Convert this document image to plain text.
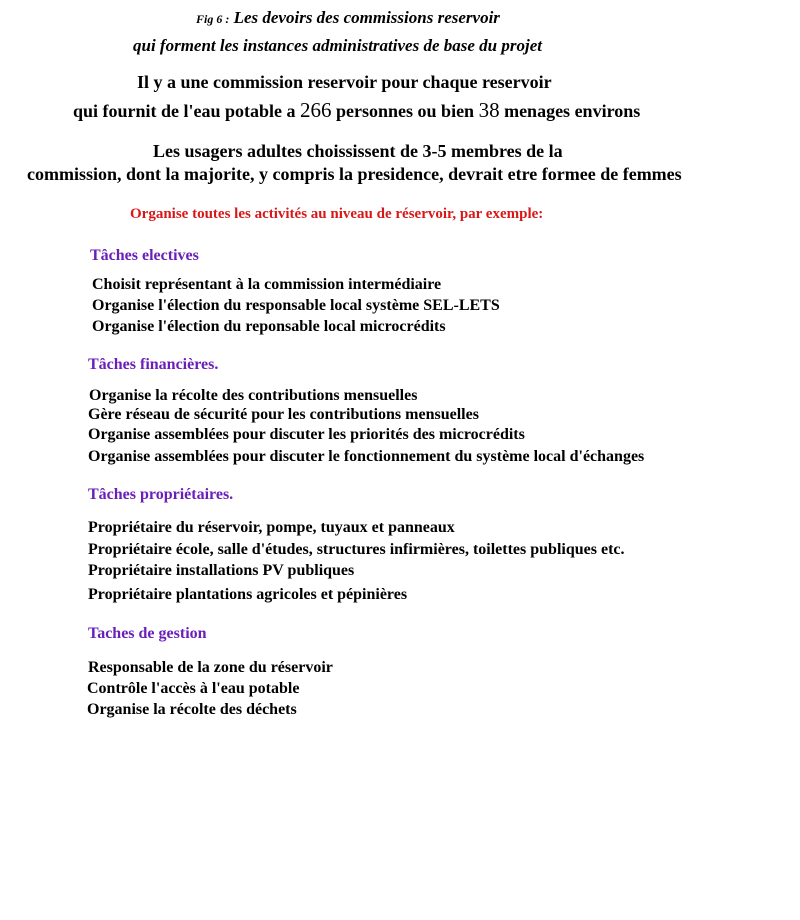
Fig 6 : Les devoirs des commissions reservoir
qui forment les instances administratives de base du projet
Il y a une commission reservoir pour chaque reservoir
qui fournit de l'eau potable a 266 personnes ou bien 38 menages environs
Les usagers adultes choississent de 3-5 membres de la
commission, dont la majorite, y compris la presidence, devrait etre formee de femmes
Organise toutes les activités au niveau de réservoir, par exemple:
Tâches electives
Choisit représentant à la commission intermédiaire
Organise l'élection du responsable local système SEL-LETS
Organise l'élection du reponsable local microcrédits
Tâches financières.
Organise la récolte des contributions mensuelles
Gère réseau de sécurité pour les contributions mensuelles
Organise assemblées pour discuter les priorités des microcrédits
Organise assemblées pour discuter le fonctionnement du système local d'échanges
Tâches propriétaires.
Propriétaire du réservoir, pompe, tuyaux et panneaux
Propriétaire école, salle d'études, structures infirmières, toilettes publiques etc.
Propriétaire installations PV publiques
Propriétaire plantations agricoles et pépinières
Taches de gestion
Responsable de la zone du réservoir
Contrôle l'accès à l'eau potable
Organise la récolte des déchets
